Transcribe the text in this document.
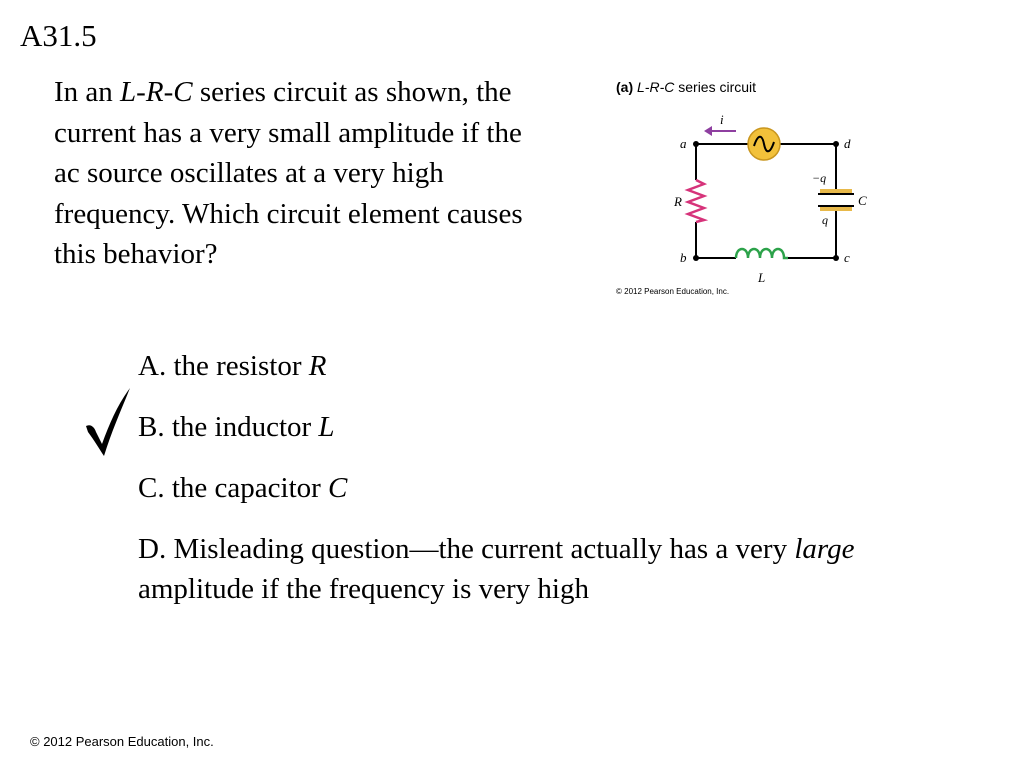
A31.5
In an L-R-C series circuit as shown, the current has a very small amplitude if the ac source oscillates at a very high frequency. Which circuit element causes this behavior?
(a) L-R-C series circuit
i
R
L
C
−q
q
a	d
b	c
© 2012 Pearson Education, Inc.
A. the resistor R
B. the inductor L
C. the capacitor C
D. Misleading question—the current actually has a very large amplitude if the frequency is very high
© 2012 Pearson Education, Inc.
